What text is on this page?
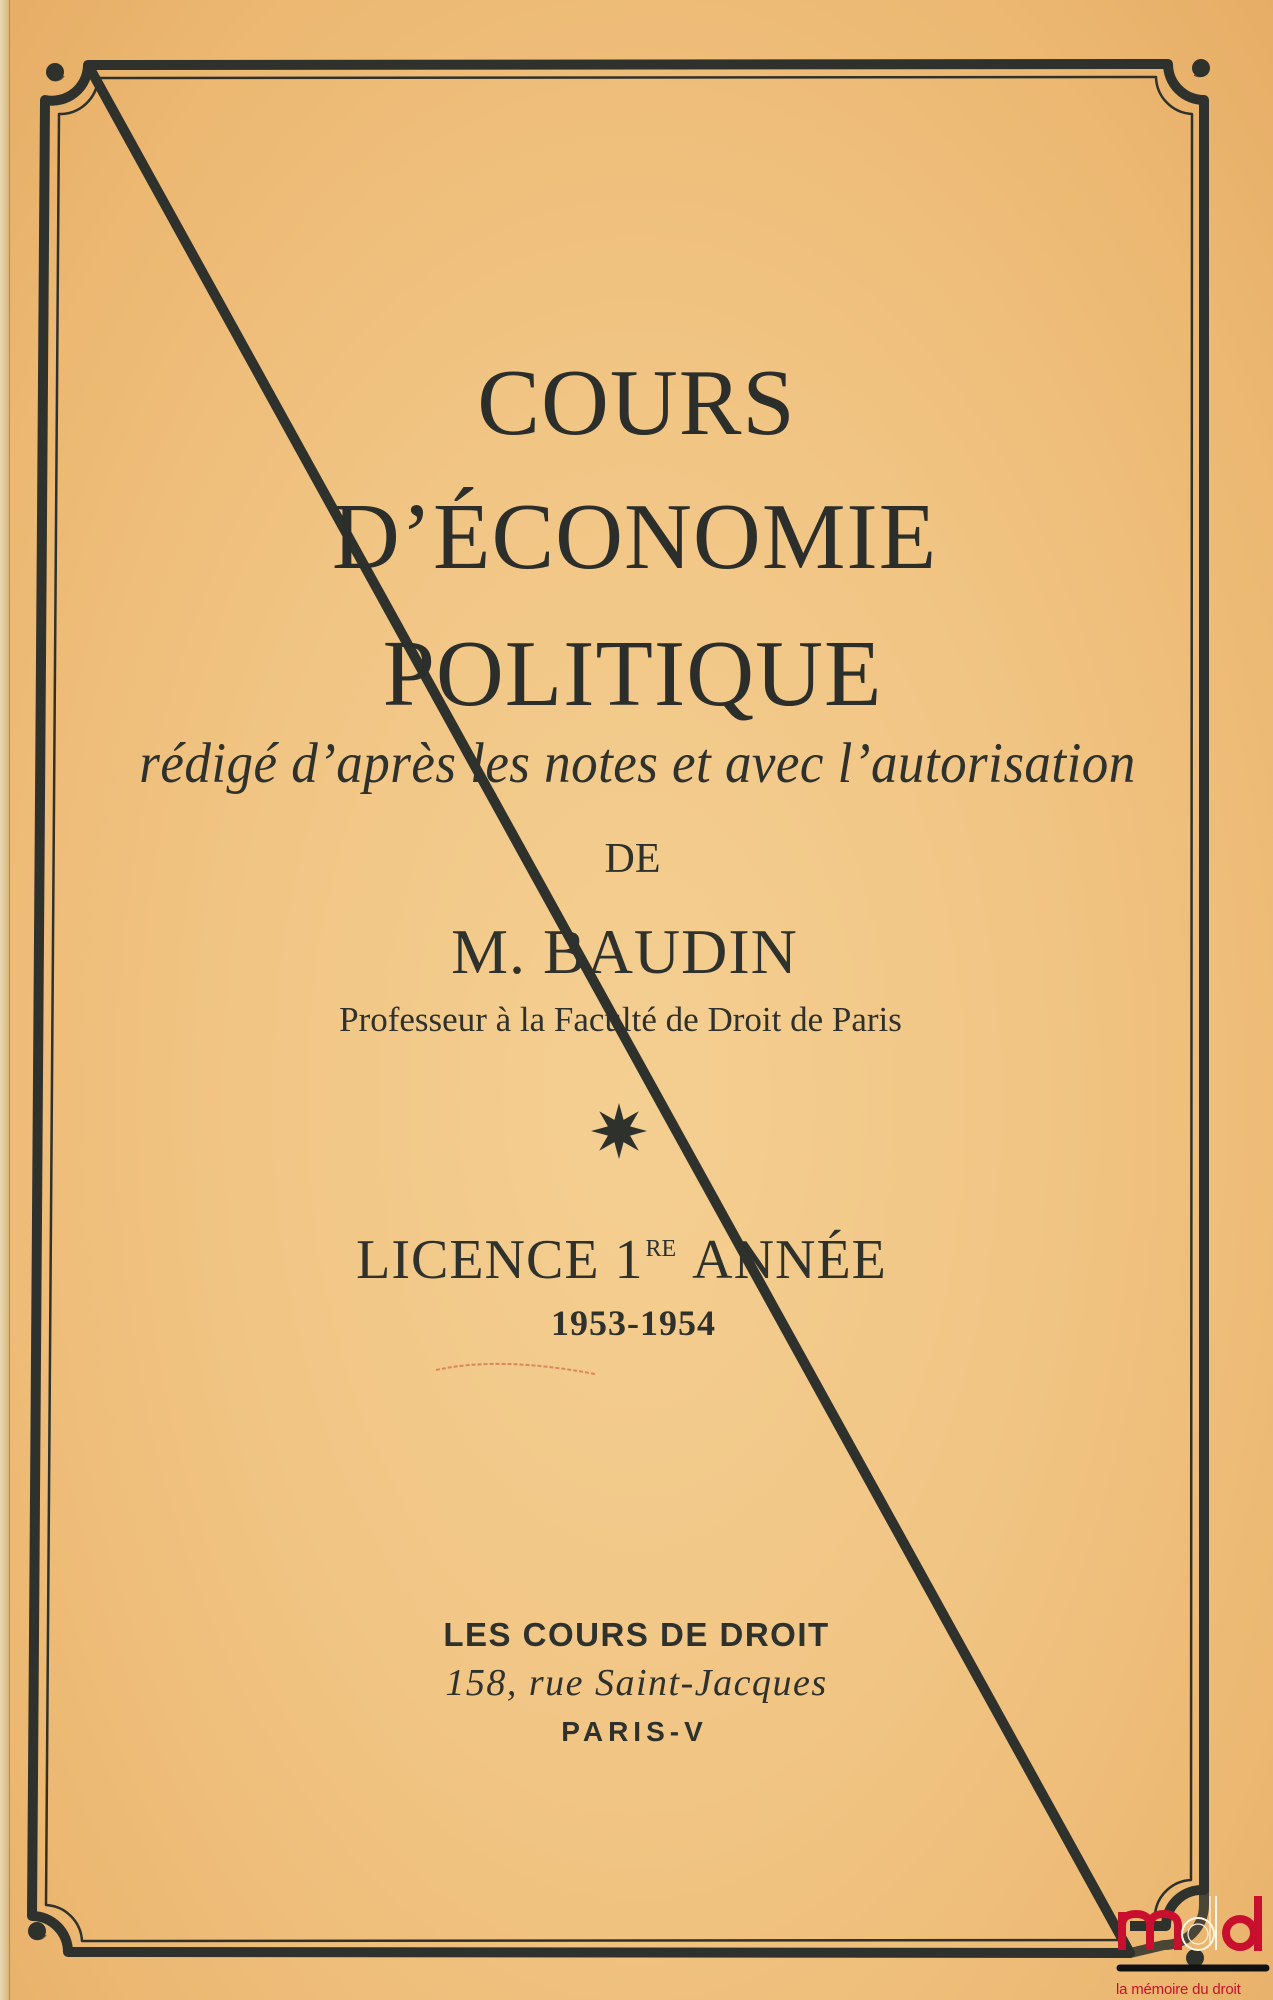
COURS
D’ÉCONOMIE
POLITIQUE
rédigé d’après les notes et avec l’autorisation
DE
M. BAUDIN
Professeur à la Faculté de Droit de Paris
LICENCE 1RE ANNÉE
1953-1954
LES COURS DE DROIT
158, rue Saint-Jacques
PARIS-V
la mémoire du droit
